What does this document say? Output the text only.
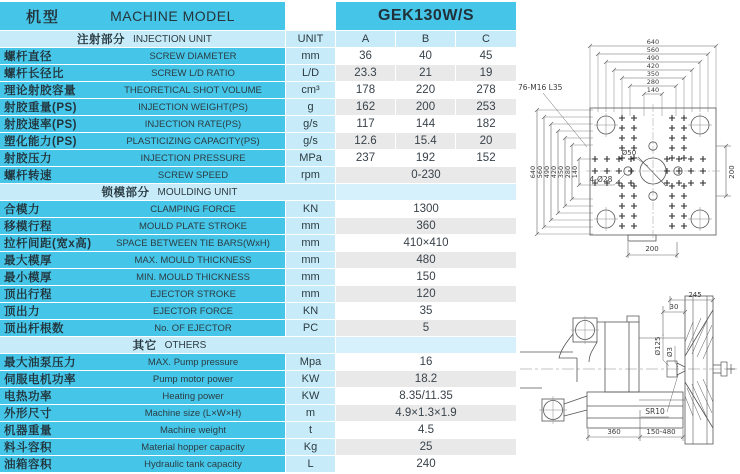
机型	MACHINE MODEL	GEK130W/S
注射部分 INJECTION UNIT	UNIT	A	B	C
螺杆直径	SCREW DIAMETER	mm	36	40	45
螺杆长径比	SCREW L/D RATIO	L/D	23.3	21	19
理论射胶容量	THEORETICAL SHOT VOLUME	cm³	178	220	278
射胶重量(PS)	INJECTION WEIGHT(PS)	g	162	200	253
射胶速率(PS)	INJECTION RATE(PS)	g/s	117	144	182
塑化能力(PS)	PLASTICIZING CAPACITY(PS)	g/s	12.6	15.4	20
射胶压力	INJECTION PRESSURE	MPa	237	192	152
螺杆转速	SCREW SPEED	rpm	0-230
锁模部分 MOULDING UNIT
合模力	CLAMPING FORCE	KN	1300
移模行程	MOULD PLATE STROKE	mm	360
拉杆间距(宽x高)	SPACE BETWEEN TIE BARS(WxH)	mm	410×410
最大模厚	MAX. MOULD THICKNESS	mm	480
最小模厚	MIN. MOULD THICKNESS	mm	150
顶出行程	EJECTOR STROKE	mm	120
顶出力	EJECTOR FORCE	KN	35
顶出杆根数	No. OF EJECTOR	PC	5
其它 OTHERS
最大油泵压力	MAX. Pump pressure	Mpa	16
伺服电机功率	Pump motor power	KW	18.2
电热功率	Heating power	KW	8.35/11.35
外形尺寸	Machine size (L×W×H)	m	4.9×1.3×1.9
机器重量	Machine weight	t	4.5
料斗容积	Material hopper capacity	Kg	25
油箱容积	Hydraulic tank capacity	L	240
640
560
490
420
350
280
140
640 560 490 420 350 280 140	200
200
76-M16 L35
Ø50
4-Ø28
245
30
Ø125 Ø3
SR10
360	150-480
